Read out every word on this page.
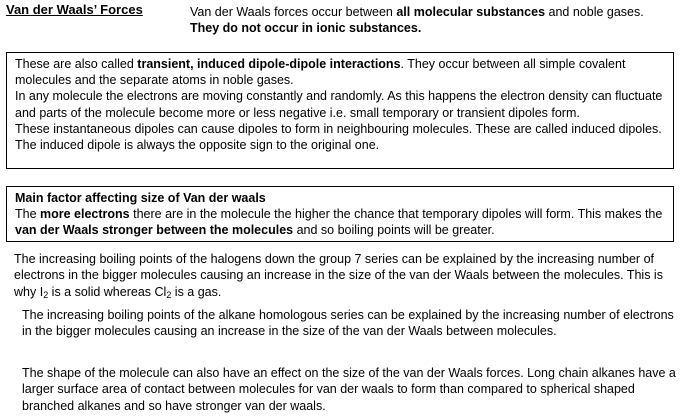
Van der Waals’ Forces	Van der Waals forces occur between all molecular substances and noble gases.
They do not occur in ionic substances.

These are also called transient, induced dipole-dipole interactions. They occur between all simple covalent molecules and the separate atoms in noble gases.

In any molecule the electrons are moving constantly and randomly. As this happens the electron density can fluctuate and parts of the molecule become more or less negative i.e. small temporary or transient dipoles form.

These instantaneous dipoles can cause dipoles to form in neighbouring molecules. These are called induced dipoles. The induced dipole is always the opposite sign to the original one.

Main factor affecting size of Van der waals
The more electrons there are in the molecule the higher the chance that temporary dipoles will form. This makes the van der Waals stronger between the molecules and so boiling points will be greater.
The increasing boiling points of the halogens down the group 7 series can be explained by the increasing number of electrons in the bigger molecules causing an increase in the size of the van der Waals between the molecules. This is why $I_2$ is a solid whereas $Cl_2$ is a gas.
The increasing boiling points of the alkane homologous series can be explained by the increasing number of electrons in the bigger molecules causing an increase in the size of the van der Waals between molecules.
The shape of the molecule can also have an effect on the size of the van der Waals forces. Long chain alkanes have a larger surface area of contact between molecules for van der waals to form than compared to spherical shaped branched alkanes and so have stronger van der waals.
